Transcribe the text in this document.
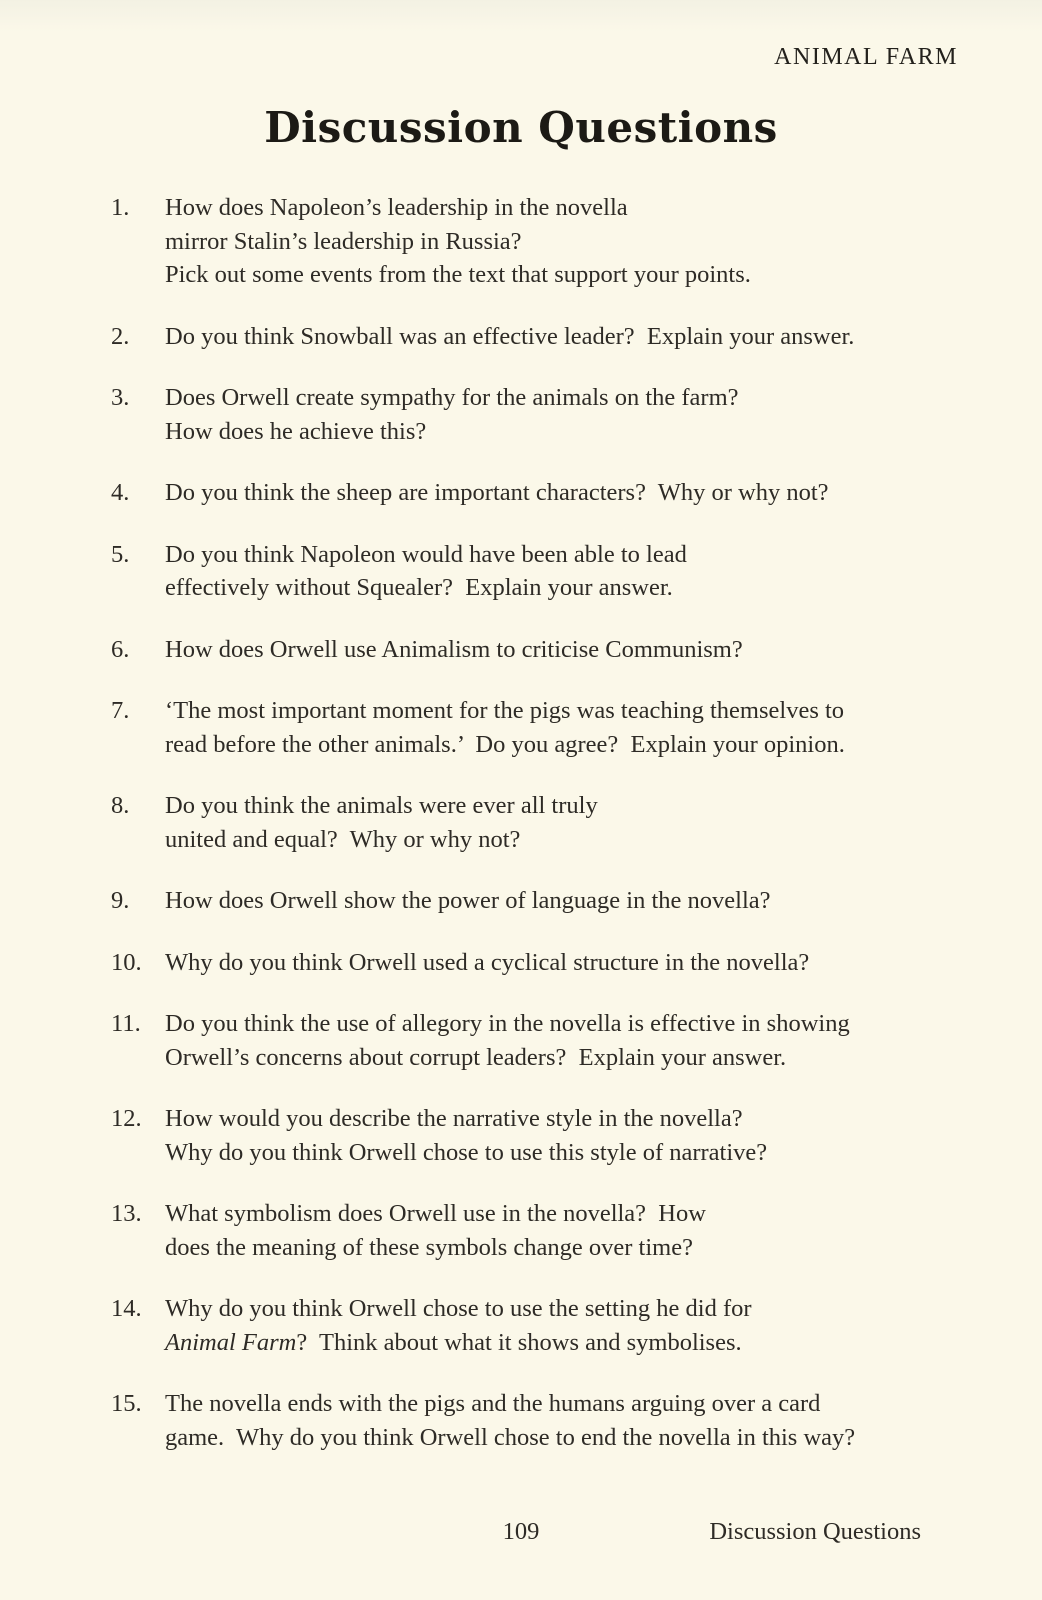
ANIMAL FARM
Discussion Questions
1.	How does Napoleon’s leadership in the novella
mirror Stalin’s leadership in Russia?
Pick out some events from the text that support your points.
2.	Do you think Snowball was an effective leader?  Explain your answer.
3.	Does Orwell create sympathy for the animals on the farm?
How does he achieve this?
4.	Do you think the sheep are important characters?  Why or why not?
5.	Do you think Napoleon would have been able to lead
effectively without Squealer?  Explain your answer.
6.	How does Orwell use Animalism to criticise Communism?
7.	‘The most important moment for the pigs was teaching themselves to
read before the other animals.’  Do you agree?  Explain your opinion.
8.	Do you think the animals were ever all truly
united and equal?  Why or why not?
9.	How does Orwell show the power of language in the novella?
10. Why do you think Orwell used a cyclical structure in the novella?
11. Do you think the use of allegory in the novella is effective in showing
Orwell’s concerns about corrupt leaders?  Explain your answer.
12. How would you describe the narrative style in the novella?
Why do you think Orwell chose to use this style of narrative?
13. What symbolism does Orwell use in the novella?  How
does the meaning of these symbols change over time?
14. Why do you think Orwell chose to use the setting he did for
Animal Farm?  Think about what it shows and symbolises.
15. The novella ends with the pigs and the humans arguing over a card
game.  Why do you think Orwell chose to end the novella in this way?
109	Discussion Questions
